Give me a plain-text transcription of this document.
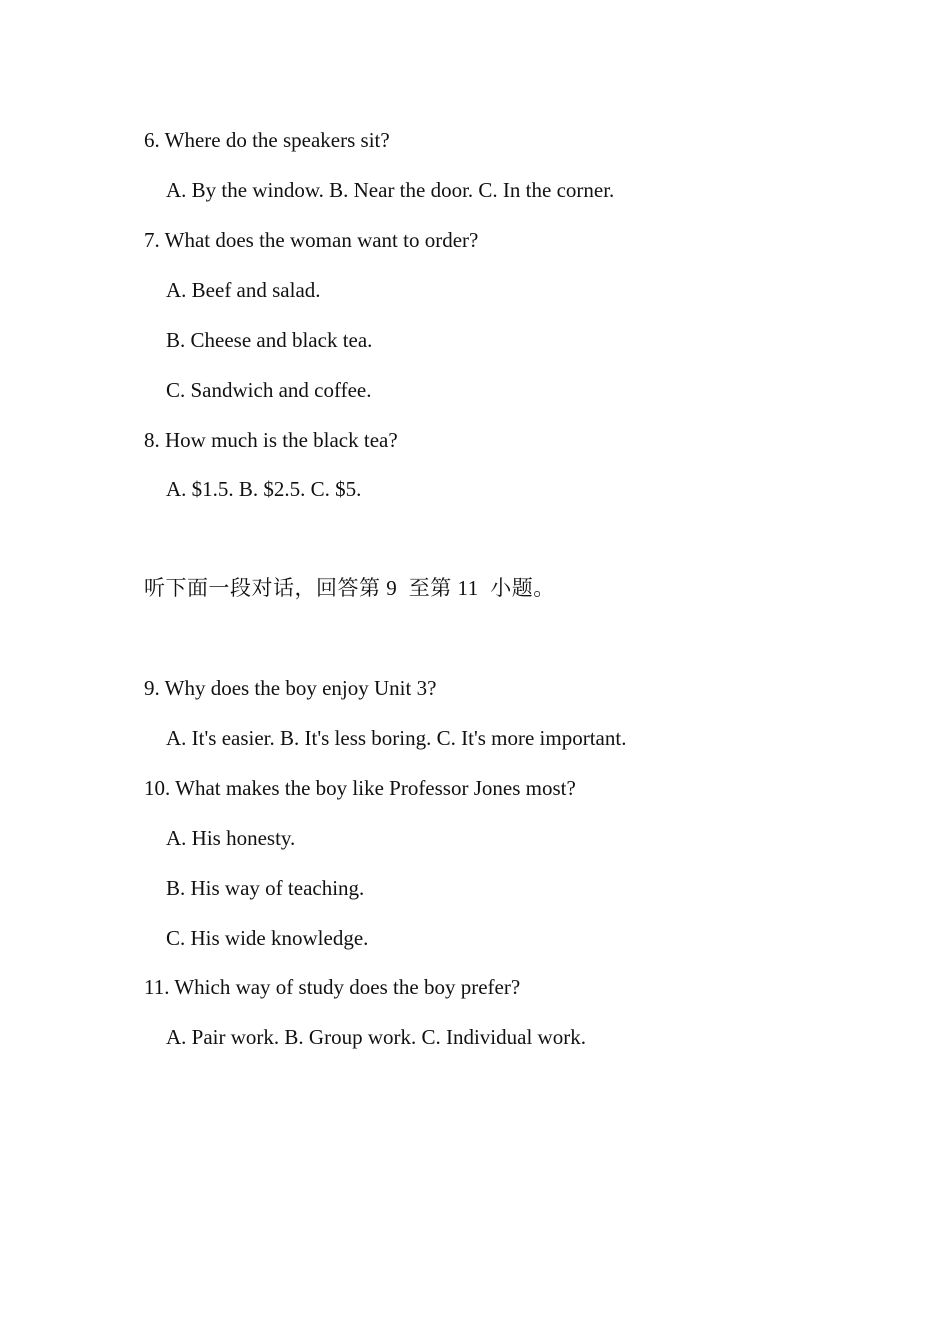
6. Where do the speakers sit?
A. By the window. B. Near the door. C. In the corner.
7. What does the woman want to order?
A. Beef and salad.
B. Cheese and black tea.
C. Sandwich and coffee.
8. How much is the black tea?
A. $1.5. B. $2.5. C. $5.
听下面一段对话，回答第 9  至第 11  小题。
9. Why does the boy enjoy Unit 3?
A. It's easier. B. It's less boring. C. It's more important.
10. What makes the boy like Professor Jones most?
A. His honesty.
B. His way of teaching.
C. His wide knowledge.
11. Which way of study does the boy prefer?
A. Pair work. B. Group work. C. Individual work.
